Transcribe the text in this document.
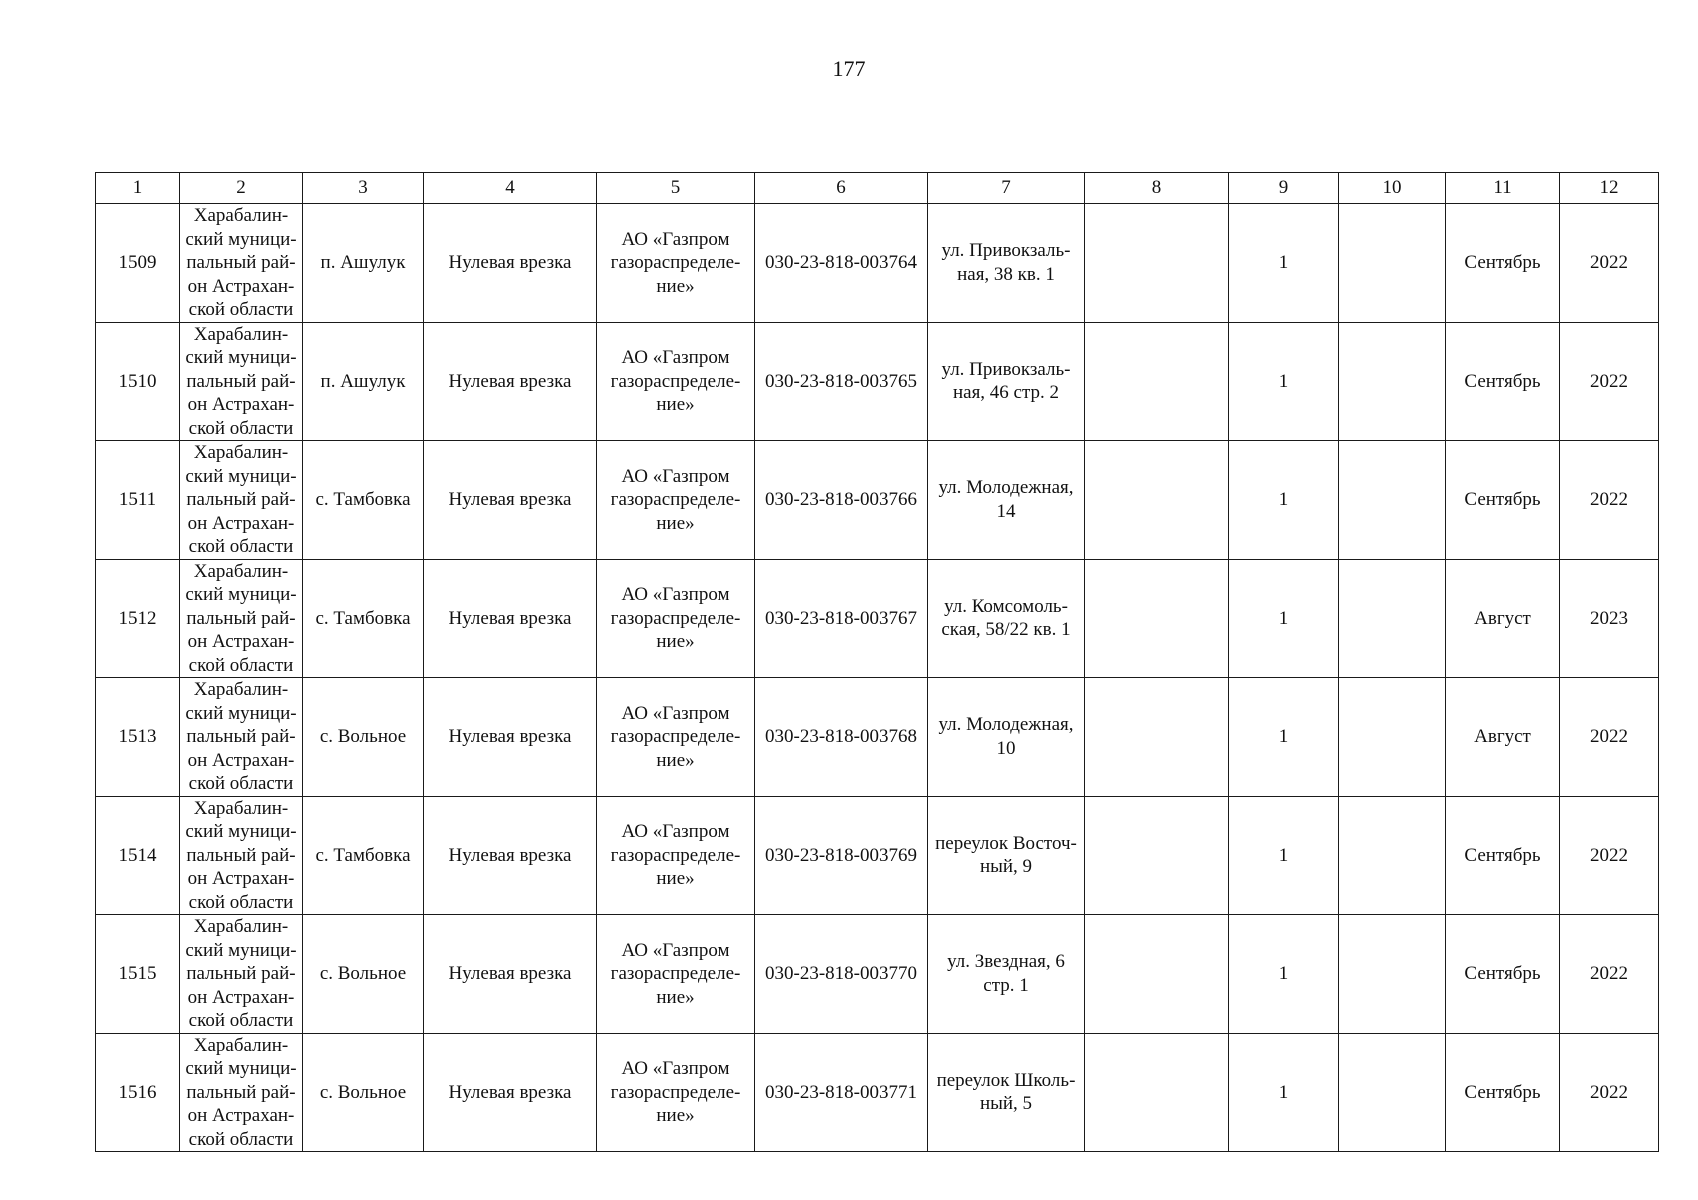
177
1	2	3	4	5	6	7	8	9	10	11	12
1509	Харабалин-
ский муници-
пальный рай-
он Астрахан-
ской области	п. Ашулук	Нулевая врезка	АО «Газпром
газораспределе-
ние»	030-23-818-003764	ул. Привокзаль-
ная, 38 кв. 1		1		Сентябрь	2022
1510	Харабалин-
ский муници-
пальный рай-
он Астрахан-
ской области	п. Ашулук	Нулевая врезка	АО «Газпром
газораспределе-
ние»	030-23-818-003765	ул. Привокзаль-
ная, 46 стр. 2		1		Сентябрь	2022
1511	Харабалин-
ский муници-
пальный рай-
он Астрахан-
ской области	с. Тамбовка	Нулевая врезка	АО «Газпром
газораспределе-
ние»	030-23-818-003766	ул. Молодежная,
14		1		Сентябрь	2022
1512	Харабалин-
ский муници-
пальный рай-
он Астрахан-
ской области	с. Тамбовка	Нулевая врезка	АО «Газпром
газораспределе-
ние»	030-23-818-003767	ул. Комсомоль-
ская, 58/22 кв. 1		1		Август	2023
1513	Харабалин-
ский муници-
пальный рай-
он Астрахан-
ской области	с. Вольное	Нулевая врезка	АО «Газпром
газораспределе-
ние»	030-23-818-003768	ул. Молодежная,
10		1		Август	2022
1514	Харабалин-
ский муници-
пальный рай-
он Астрахан-
ской области	с. Тамбовка	Нулевая врезка	АО «Газпром
газораспределе-
ние»	030-23-818-003769	переулок Восточ-
ный, 9		1		Сентябрь	2022
1515	Харабалин-
ский муници-
пальный рай-
он Астрахан-
ской области	с. Вольное	Нулевая врезка	АО «Газпром
газораспределе-
ние»	030-23-818-003770	ул. Звездная, 6
стр. 1		1		Сентябрь	2022
1516	Харабалин-
ский муници-
пальный рай-
он Астрахан-
ской области	с. Вольное	Нулевая врезка	АО «Газпром
газораспределе-
ние»	030-23-818-003771	переулок Школь-
ный, 5		1		Сентябрь	2022
